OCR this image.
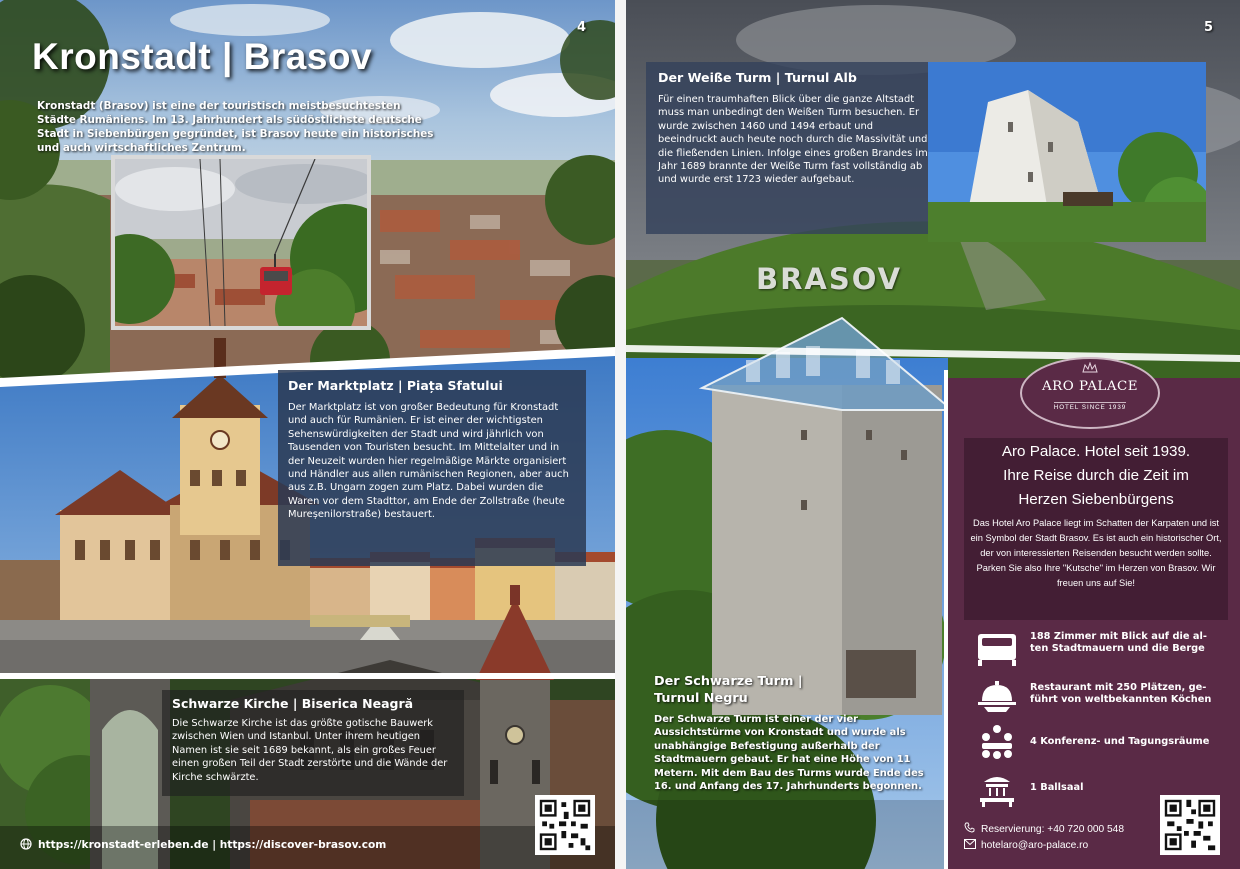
4
Kronstadt | Brasov

Kronstadt (Brasov) ist eine der touristisch meistbesuchtesten Städte Rumäniens. Im 13. Jahrhundert als südöstlichste deutsche Stadt in Siebenbürgen gegründet, ist Brasov heute ein historisches und auch wirtschaftliches Zentrum.

Der Marktplatz | Piața Sfatului

Der Marktplatz ist von großer Bedeutung für Kronstadt und auch für Rumänien. Er ist einer der wichtigsten Sehenswürdigkeiten der Stadt und wird jährlich von Tausenden von Touristen besucht. Im Mittelalter und in der Neuzeit wurden hier regelmäßige Märkte organisiert und Händler aus allen rumänischen Regionen, aber auch aus z.B. Ungarn zogen zum Platz. Dabei wurden die Waren vor dem Stadttor, am Ende der Zollstraße (heute Mureșenilorstraße) bestauert.

Schwarze Kirche | Biserica Neagră

Die Schwarze Kirche ist das größte gotische Bauwerk zwischen Wien und Istanbul. Unter ihrem heutigen Namen ist sie seit 1689 bekannt, als ein großes Feuer einen großen Teil der Stadt zerstörte und die Wände der Kirche schwärzte.

https://kronstadt-erleben.de | https://discover-brasov.com
BRASOV
5
Der Weiße Turm | Turnul Alb

Für einen traumhaften Blick über die ganze Altstadt muss man unbedingt den Weißen Turm besuchen. Er wurde zwischen 1460 und 1494 erbaut und beeindruckt auch heute noch durch die Massivität und die fließenden Linien. Infolge eines großen Brandes im Jahr 1689 brannte der Weiße Turm fast vollständig ab und wurde erst 1723 wieder aufgebaut.

Der Schwarze Turm |
Turnul Negru

Der Schwarze Turm ist einer der vier Aussichtstürme von Kronstadt und wurde als unabhängige Befestigung außerhalb der Stadtmauern gebaut. Er hat eine Höhe von 11 Metern. Mit dem Bau des Turms wurde Ende des 16. und Anfang des 17. Jahrhunderts begonnen.

ARO PALACE
HOTEL SINCE 1939
Aro Palace. Hotel seit 1939.
Ihre Reise durch die Zeit im
Herzen Siebenbürgens

Das Hotel Aro Palace liegt im Schatten der Karpaten und ist ein Symbol der Stadt Brasov. Es ist auch ein historischer Ort, der von interessierten Reisenden besucht werden sollte. Parken Sie also Ihre "Kutsche" im Herzen von Brasov. Wir freuen uns auf Sie!

188 Zimmer mit Blick auf die al-
ten Stadtmauern und die Berge
Restaurant mit 250 Plätzen, ge-
führt von weltbekannten Köchen
4 Konferenz- und Tagungsräume
1 Ballsaal
Reservierung: +40 720 000 548
hotelaro@aro-palace.ro
